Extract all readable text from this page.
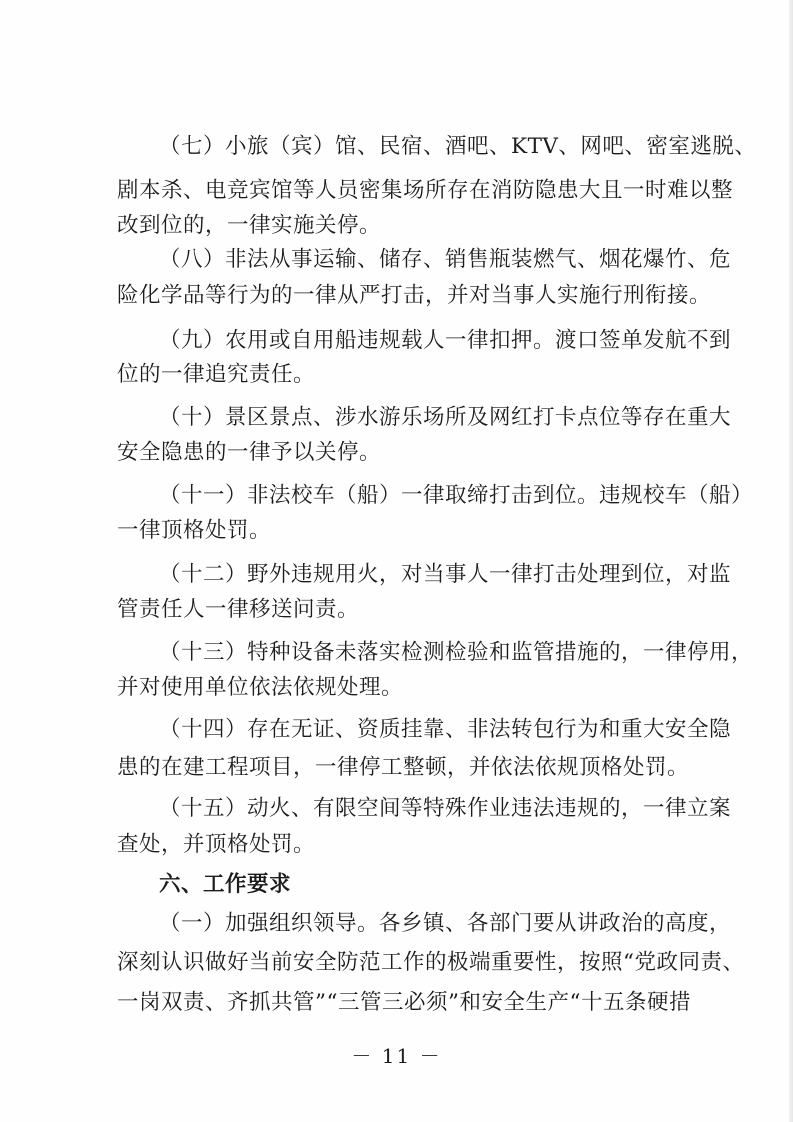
（七）小旅（宾）馆、民宿、酒吧、KTV、网吧、密室逃脱、
剧本杀、电竞宾馆等人员密集场所存在消防隐患大且一时难以整
改到位的，一律实施关停。
（八）非法从事运输、储存、销售瓶装燃气、烟花爆竹、危
险化学品等行为的一律从严打击，并对当事人实施行刑衔接。
（九）农用或自用船违规载人一律扣押。渡口签单发航不到
位的一律追究责任。
（十）景区景点、涉水游乐场所及网红打卡点位等存在重大
安全隐患的一律予以关停。
（十一）非法校车（船）一律取缔打击到位。违规校车（船）
一律顶格处罚。
（十二）野外违规用火，对当事人一律打击处理到位，对监
管责任人一律移送问责。
（十三）特种设备未落实检测检验和监管措施的，一律停用，
并对使用单位依法依规处理。
（十四）存在无证、资质挂靠、非法转包行为和重大安全隐
患的在建工程项目，一律停工整顿，并依法依规顶格处罚。
（十五）动火、有限空间等特殊作业违法违规的，一律立案
查处，并顶格处罚。
六、工作要求
（一）加强组织领导。各乡镇、各部门要从讲政治的高度，
深刻认识做好当前安全防范工作的极端重要性，按照“党政同责、
一岗双责、齐抓共管”“三管三必须”和安全生产“十五条硬措
－ 11 －
